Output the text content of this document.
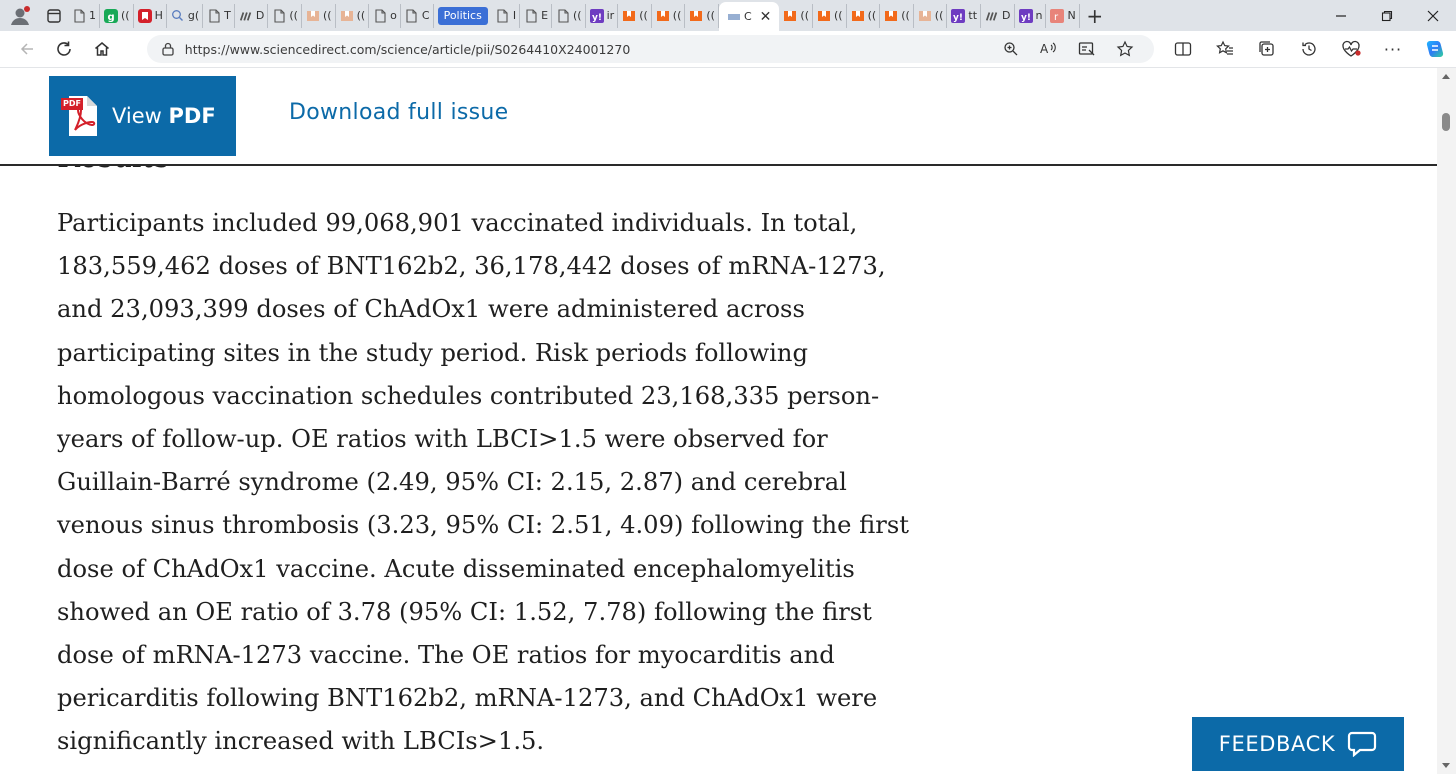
1 g (( H g( T D (( (( (( o C Politics	I E (( y! ir (( (( ((	C ✕	(( (( (( (( (( y! tt D y! n r N +
https://www.sciencedirect.com/science/article/pii/S0264410X24001270	A	···
PDF
View PDF	Download full issue

Participants included 99,068,901 vaccinated individuals. In total, 183,559,462 doses of BNT162b2, 36,178,442 doses of mRNA-1273, and 23,093,399 doses of ChAdOx1 were administered across participating sites in the study period. Risk periods following homologous vaccination schedules contributed 23,168,335 person-years of follow-up. OE ratios with LBCI>1.5 were observed for Guillain-Barré syndrome (2.49, 95% CI: 2.15, 2.87) and cerebral venous sinus thrombosis (3.23, 95% CI: 2.51, 4.09) following the first dose of ChAdOx1 vaccine. Acute disseminated encephalomyelitis showed an OE ratio of 3.78 (95% CI: 1.52, 7.78) following the first dose of mRNA-1273 vaccine. The OE ratios for myocarditis and pericarditis following BNT162b2, mRNA-1273, and ChAdOx1 were significantly increased with LBCIs>1.5.	FEEDBACK
